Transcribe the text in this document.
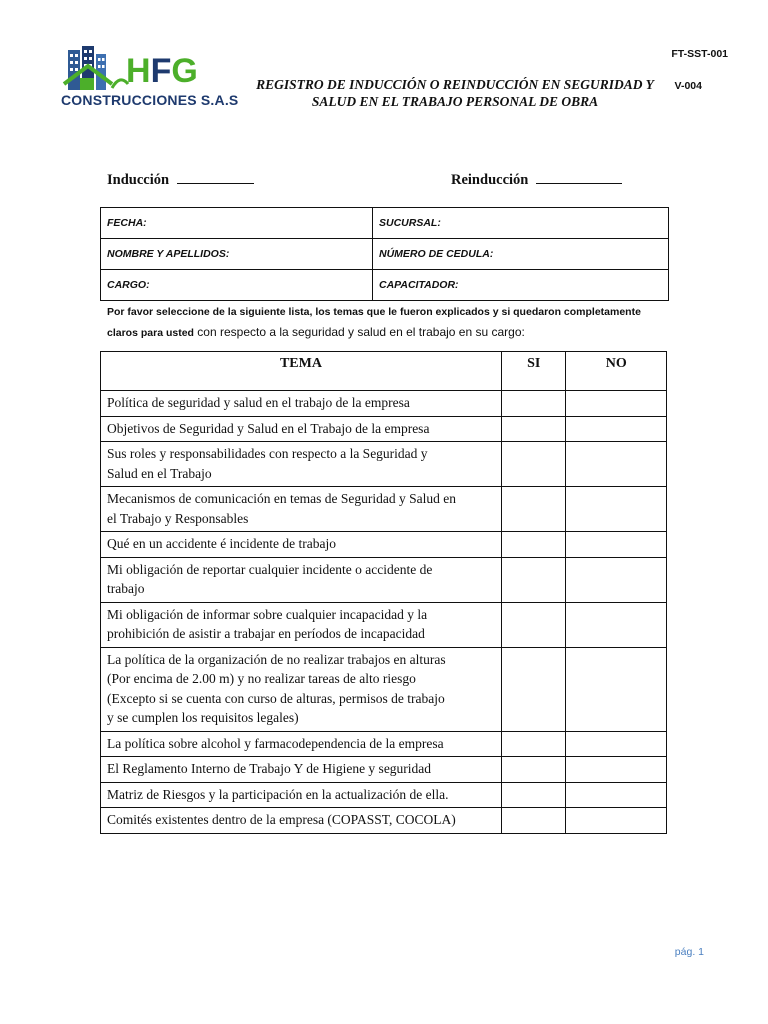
HFG
CONSTRUCCIONES S.A.S
FT-SST-001
V-004
REGISTRO DE INDUCCIÓN O REINDUCCIÓN EN SEGURIDAD Y
SALUD EN EL TRABAJO PERSONAL DE OBRA
Inducción	Reinducción
FECHA:	SUCURSAL:
NOMBRE Y APELLIDOS:	NÚMERO DE CEDULA:
CARGO:	CAPACITADOR:
Por favor seleccione de la siguiente lista, los temas que le fueron explicados y si quedaron completamente
claros para usted con respecto a la seguridad y salud en el trabajo en su cargo:
TEMA	SI	NO

Política de seguridad y salud en el trabajo de la empresa		

Objetivos de Seguridad y Salud en el Trabajo de la empresa		

Sus roles y responsabilidades con respecto a la Seguridad y
Salud en el Trabajo		

Mecanismos de comunicación en temas de Seguridad y Salud en
el Trabajo y Responsables		

Qué en un accidente é incidente de trabajo		

Mi obligación de reportar cualquier incidente o accidente de
trabajo		

Mi obligación de informar sobre cualquier incapacidad y la
prohibición de asistir a trabajar en períodos de incapacidad		

La política de la organización de no realizar trabajos en alturas
(Por encima de 2.00 m) y no realizar tareas de alto riesgo
(Excepto si se cuenta con curso de alturas, permisos de trabajo
y se cumplen los requisitos legales)		

La política sobre alcohol y farmacodependencia de la empresa		

El Reglamento Interno de Trabajo Y de Higiene y seguridad		

Matriz de Riesgos y la participación en la actualización de ella.		

Comités existentes dentro de la empresa (COPASST, COCOLA)		

pág. 1
